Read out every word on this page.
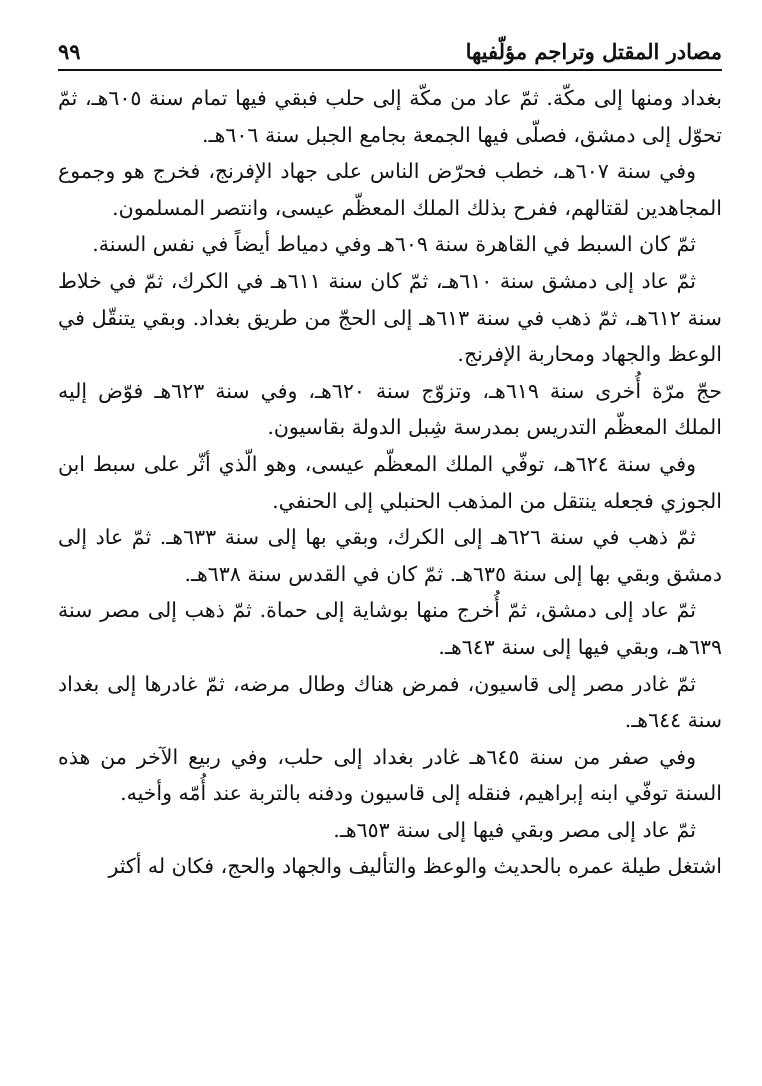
مصادر المقتل وتراجم مؤلّفيها
٩٩

بغداد ومنها إلى مكّة. ثمّ عاد من مكّة إلى حلب فبقي فيها تمام سنة ٦٠٥هـ، ثمّ تحوّل إلى دمشق، فصلّى فيها الجمعة بجامع الجبل سنة ٦٠٦هـ.

وفي سنة ٦٠٧هـ، خطب فحرّض الناس على جهاد الإفرنج، فخرج هو وجموع المجاهدين لقتالهم، ففرح بذلك الملك المعظّم عيسى، وانتصر المسلمون.

ثمّ كان السبط في القاهرة سنة ٦٠٩هـ وفي دمياط أيضاً في نفس السنة.

ثمّ عاد إلى دمشق سنة ٦١٠هـ، ثمّ كان سنة ٦١١هـ في الكرك، ثمّ في خلاط سنة ٦١٢هـ، ثمّ ذهب في سنة ٦١٣هـ إلى الحجّ من طريق بغداد. وبقي يتنقّل في الوعظ والجهاد ومحاربة الإفرنج.

حجّ مرّة أُخرى سنة ٦١٩هـ، وتزوّج سنة ٦٢٠هـ، وفي سنة ٦٢٣هـ فوّض إليه الملك المعظّم التدريس بمدرسة شِبل الدولة بقاسيون.

وفي سنة ٦٢٤هـ، توفّي الملك المعظّم عيسى، وهو الّذي أثّر على سبط ابن الجوزي فجعله ينتقل من المذهب الحنبلي إلى الحنفي.

ثمّ ذهب في سنة ٦٢٦هـ إلى الكرك، وبقي بها إلى سنة ٦٣٣هـ. ثمّ عاد إلى دمشق وبقي بها إلى سنة ٦٣٥هـ. ثمّ كان في القدس سنة ٦٣٨هـ.

ثمّ عاد إلى دمشق، ثمّ أُخرج منها بوشاية إلى حماة. ثمّ ذهب إلى مصر سنة ٦٣٩هـ، وبقي فيها إلى سنة ٦٤٣هـ.

ثمّ غادر مصر إلى قاسيون، فمرض هناك وطال مرضه، ثمّ غادرها إلى بغداد سنة ٦٤٤هـ.

وفي صفر من سنة ٦٤٥هـ غادر بغداد إلى حلب، وفي ربيع الآخر من هذه السنة توفّي ابنه إبراهيم، فنقله إلى قاسيون ودفنه بالتربة عند أُمّه وأخيه.

ثمّ عاد إلى مصر وبقي فيها إلى سنة ٦٥٣هـ.

اشتغل طيلة عمره بالحديث والوعظ والتأليف والجهاد والحج، فكان له أكثر
